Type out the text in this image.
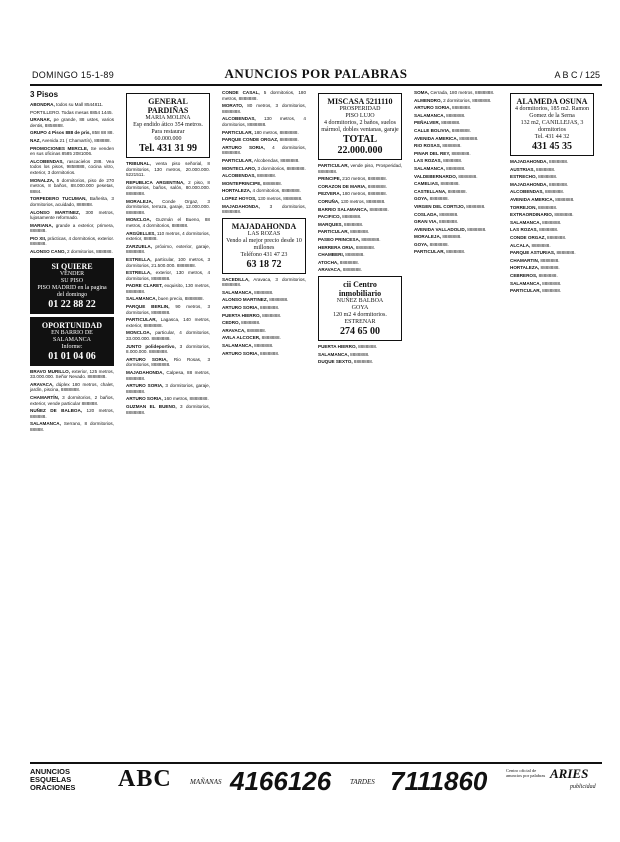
DOMINGO 15-1-89	ANUNCIOS POR PALABRAS	A B C / 125
3 Pisos

ABONDRA, todos su Mall 8544811.

PORTILLERO. Todas mesas 8854 1445.

URANAK, pe grande, 88 ustes, varios dentis, 8858888.

GRUPO 4 Pisos 888 de pris, 858 88 88.

NAZ, Avenida 21 ( Chamartín), 888888.

PROMOCIONES MERCLE, Se venden en sus oficinas 8585 2081006.

ALCOBENDAS, rascacielos 288. Vea todos los pisos, 9858888, cocina vitro, exterior, 3 dormitorios.

MONALZA, 5 dormitorios, piso de 270 metros, 8 baños, 88.000.000 pesetas, 8884.

TORPEDERO TUCUMAN, Bañerita, 3 dormitorios, acuidado, 888888.

ALONSO MARTINEZ, 300 metros, lujosamente reformado.

MARIANA, grande a exterior, primera, 888888.

PIO XII, prácticas, 4 dormitorios, exterior. 888888.

ALONSO CANO, 2 dormitorios, 888888.

SI QUIERE
VENDER
SU PISO
PISO MADRID en la pagina del domingo
01 22 88 22
OPORTUNIDAD
EN BARRIO DE
SALAMANCA
Informe:
01 01 04 06

BRAVO MURILLO, exterior, 125 metros, 33.000.000. Señor Nevado. 8888888.

ARAVACA, dúplex 180 metros, chalet, jardín, piscina, 8888888.

CHAMARTÍN, 3 dormitorios, 2 baños, exterior, vende particular 888888.

NUÑEZ DE BALBOA, 120 metros, 888888.

SALAMANCA, Serrano, 8 dormitorios, 88888.

GENERAL PARDIÑAS
MARIA MOLINA
Esp endido ático 354 metros. Para restaurar
60.000.000
Tel. 431 31 99

TRIBUNAL, venta piso señorial, 8 dormitorios, 130 metros, 20.000.000. 5221511.

REPUBLICA ARGENTINA, 2 piso, 8 dormitorios, baños, salón, 80.000.000. 8888888.

MORALEJA, Conde Orgaz, 3 dormitorios, terraza, garaje, 12.000.000. 8888888.

MONCLOA, Guzmán el Bueno, 88 metros, 4 dormitorios, 888888.

ARGÜELLES, 110 metros, 4 dormitorios, exterior, 88888.

ZARZUELA, próximo, exterior, garaje, 8888888.

ESTRELLA, particular, 100 metros, 3 dormitorios, 21.500.000. 8888888.

ESTRELLA, exterior, 130 metros, 4 dormitorios, 8888888.

PADRE CLARET, exquisito, 130 metros, 8888888.

SALAMANCA, buen precio, 8888888.

PARQUE BERLIN, 90 metros, 3 dormitorios, 8888888.

PARTICULAR, Lagasca, 140 metros, exterior, 8888888.

MONCLOA, particular, 4 dormitorios, 33.000.000. 8888888.

JUNTO polideportivo, 3 dormitorios, 8.000.000. 8888888.

ARTURO SORIA, Rio Rosas, 3 dormitorios, 8888888.

MAJADAHONDA, Calpesa, 88 metros, 8888888.

ARTURO SORIA, 3 dormitorios, garaje, 8888888.

ARTURO SORIA, 160 metros, 8888888.

GUZMAN EL BUENO, 3 dormitorios, 8888888.

CONDE CASAL, 5 dormitorios, 180 metros, 8888888.

MORATO, 80 metros, 3 dormitorios, 8888888.

ALCOBENDAS, 130 metros, 4 dormitorios, 8888888.

PARTICULAR, 180 metros, 8888888.

PARQUE CONDE ORGAZ, 8888888.

ARTURO SORIA, 4 dormitorios, 8888888.

PARTICULAR, Alcobendas, 8888888.

MONTECLARO, 3 dormitorios, 8888888.

ALCOBENDAS, 8888888.

MONTEPRINCIPE, 8888888.

HORTALEZA, 4 dormitorios, 8888888.

LOPEZ HOYOS, 130 metros, 8888888.

MAJADAHONDA, 3 dormitorios, 8888888.

MAJADAHONDA
LAS ROZAS
Vendo al mejor precio desde 10 millones
Teléfono 431 47 23
63 18 72

SACEDILLA, Aravaca, 3 dormitorios, 8888888.

SALAMANCA, 8888888.

ALONSO MARTINEZ, 8888888.

ARTURO SORIA, 8888888.

PUERTA HIERRO, 8888888.

CEDRO, 8888888.

ARAVACA, 8888888.

AVILA ALCOCER, 8888888.

SALAMANCA, 8888888.

ARTURO SORIA, 8888888.

MISCASA 5211110
PROSPERIDAD
PISO LUJO
4 dormitorios, 2 baños, suelos mármol, dobles ventanas, garaje
TOTAL 22.000.000

PARTICULAR, vende piso, Prosperidad, 8888888.

PRINCIPE, 210 metros, 8888888.

CORAZON DE MARIA, 8888888.

PEZVERA, 180 metros, 8888888.

CORUÑA, 130 metros, 8888888.

BARRIO SALAMANCA, 8888888.

PACIFICO, 8888888.

MARQUES, 8888888.

PARTICULAR, 8888888.

PASEO PRINCESA, 8888888.

HERRERA ORIA, 8888888.

CHAMBERI, 8888888.

ATOCHA, 8888888.

ARAVACA, 8888888.

cii Centro inmobiliario
NUÑEZ BALBOA
GOYA
120 m2 4 dormitorios. ESTRENAR
274 65 00

PUERTA HIERRO, 8888888.

SALAMANCA, 8888888.

DUQUE SEXTO, 8888888.

SOMA, Cerrada, 180 metros, 8888888.

ALMENDRO, 2 dormitorios, 8888888.

ARTURO SORIA, 8888888.

SALAMANCA, 8888888.

PEÑALVER, 8888888.

CALLE BOLIVIA, 8888888.

AVENIDA AMERICA, 8888888.

RIO ROSAS, 8888888.

PINAR DEL REY, 8888888.

LAS ROZAS, 8888888.

SALAMANCA, 8888888.

VALDEBERNARDO, 8888888.

CAMELIAS, 8888888.

CASTELLANA, 8888888.

GOYA, 8888888.

VIRGEN DEL CORTIJO, 8888888.

COSLADA, 8888888.

GRAN VIA, 8888888.

AVENIDA VALLADOLID, 8888888.

MORALEJA, 8888888.

GOYA, 8888888.

PARTICULAR, 8888888.

ALAMEDA OSUNA
4 dormitorios, 185 m2. Ramon Gomez de la Serna
132 m2, CANILLEJAS, 3 dormitorios
Tel. 431 44 32
431 45 35

MAJADAHONDA, 8888888.

AUSTRIAS, 8888888.

ESTRECHO, 8888888.

MAJADAHONDA, 8888888.

ALCOBENDAS, 8888888.

AVENIDA AMERICA, 8888888.

TORREJON, 8888888.

EXTRAORDINARIO, 8888888.

SALAMANCA, 8888888.

LAS ROZAS, 8888888.

CONDE ORGAZ, 8888888.

ALCALA, 8888888.

PARQUE ASTURIAS, 8888888.

CHAMARTIN, 8888888.

HORTALEZA, 8888888.

CEBREROS, 8888888.

SALAMANCA, 8888888.

PARTICULAR, 8888888.

ANUNCIOS
ESQUELAS
ORACIONES ABC	MAÑANAS 4166126	TARDES 7111860	Centro oficial de anuncios por palabras ARIES
publicidad
